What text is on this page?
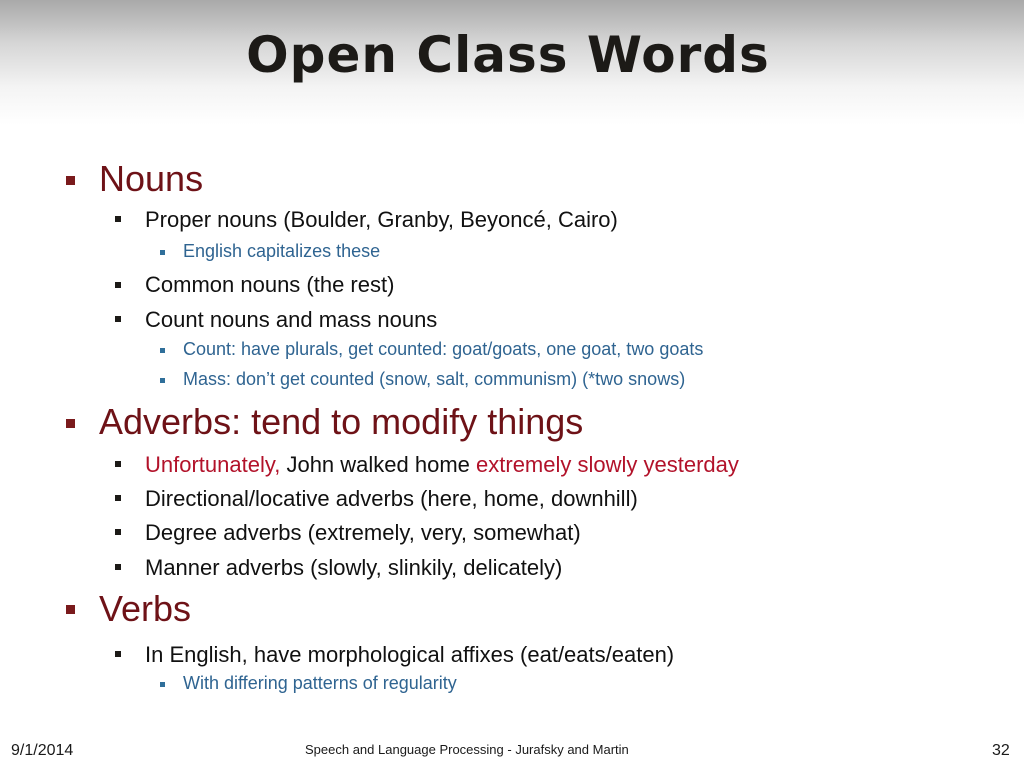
Open Class Words
Nouns
Proper nouns (Boulder, Granby, Beyoncé, Cairo)
English capitalizes these
Common nouns (the rest)
Count nouns and mass nouns
Count: have plurals, get counted: goat/goats, one goat, two goats
Mass: don’t get counted (snow, salt, communism) (*two snows)
Adverbs: tend to modify things
Unfortunately, John walked home extremely slowly yesterday
Directional/locative adverbs (here, home, downhill)
Degree adverbs (extremely, very, somewhat)
Manner adverbs (slowly, slinkily, delicately)
Verbs
In English, have morphological affixes (eat/eats/eaten)
With differing patterns of regularity
9/1/2014	Speech and Language Processing - Jurafsky and Martin	32
